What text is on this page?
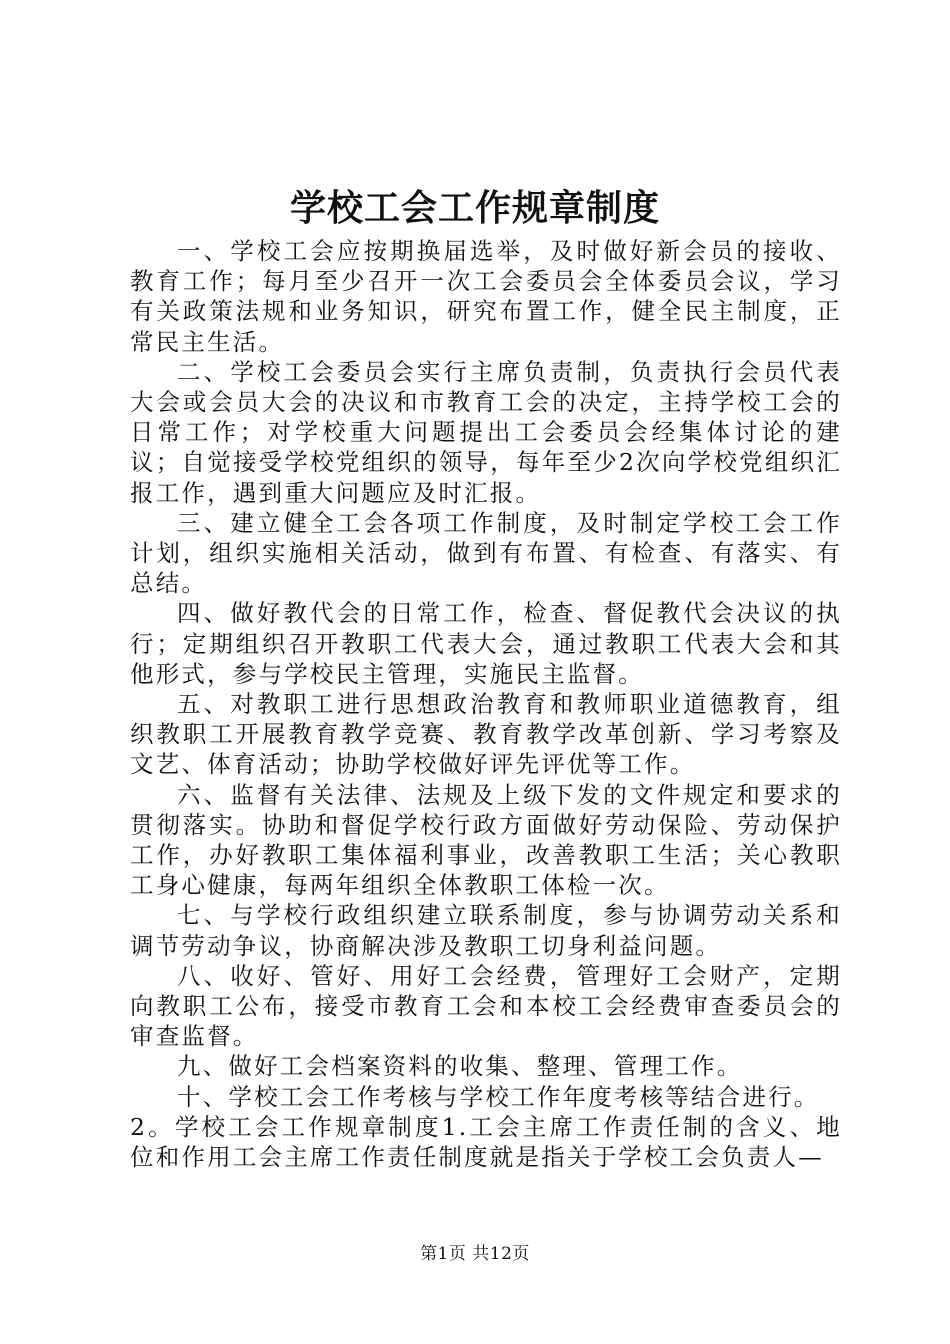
学校工会工作规章制度

一、学校工会应按期换届选举，及时做好新会员的接收、教育工作；每月至少召开一次工会委员会全体委员会议，学习有关政策法规和业务知识，研究布置工作，健全民主制度，正常民主生活。

二、学校工会委员会实行主席负责制，负责执行会员代表大会或会员大会的决议和市教育工会的决定，主持学校工会的日常工作；对学校重大问题提出工会委员会经集体讨论的建议；自觉接受学校党组织的领导，每年至少2次向学校党组织汇报工作，遇到重大问题应及时汇报。

三、建立健全工会各项工作制度，及时制定学校工会工作计划，组织实施相关活动，做到有布置、有检查、有落实、有总结。

四、做好教代会的日常工作，检查、督促教代会决议的执行；定期组织召开教职工代表大会，通过教职工代表大会和其他形式，参与学校民主管理，实施民主监督。

五、对教职工进行思想政治教育和教师职业道德教育，组织教职工开展教育教学竞赛、教育教学改革创新、学习考察及文艺、体育活动；协助学校做好评先评优等工作。

六、监督有关法律、法规及上级下发的文件规定和要求的贯彻落实。协助和督促学校行政方面做好劳动保险、劳动保护工作，办好教职工集体福利事业，改善教职工生活；关心教职工身心健康，每两年组织全体教职工体检一次。

七、与学校行政组织建立联系制度，参与协调劳动关系和调节劳动争议，协商解决涉及教职工切身利益问题。

八、收好、管好、用好工会经费，管理好工会财产，定期向教职工公布，接受市教育工会和本校工会经费审查委员会的审查监督。

九、做好工会档案资料的收集、整理、管理工作。

十、学校工会工作考核与学校工作年度考核等结合进行。

2。学校工会工作规章制度1.工会主席工作责任制的含义、地位和作用工会主席工作责任制度就是指关于学校工会负责人—

第1页 共12页
